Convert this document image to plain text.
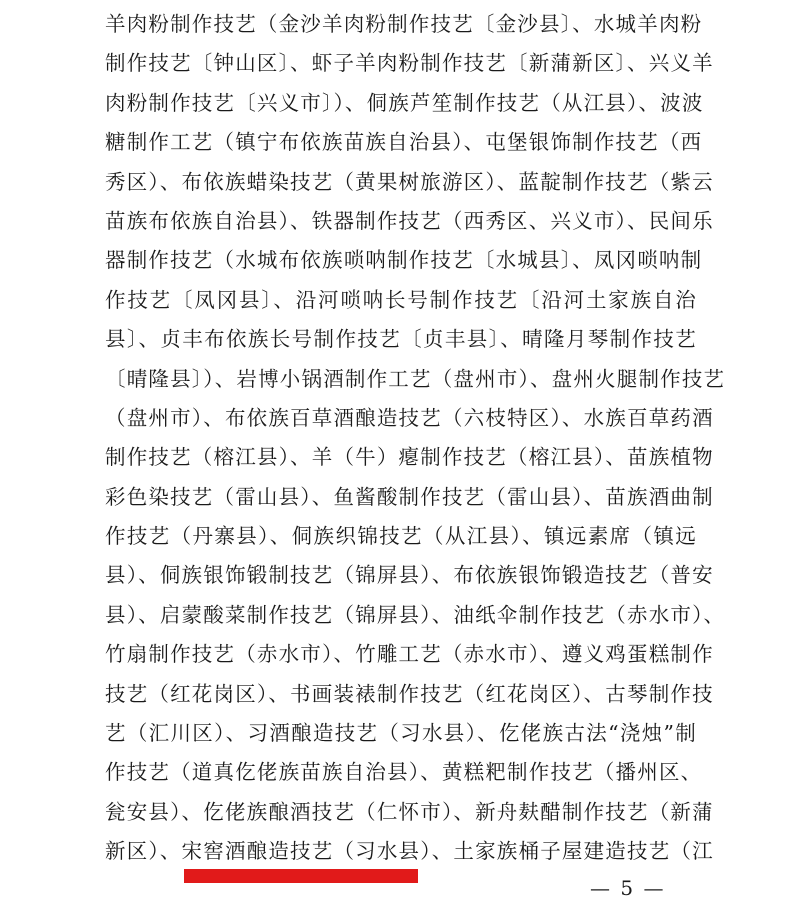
羊肉粉制作技艺（金沙羊肉粉制作技艺〔金沙县〕、水城羊肉粉
制作技艺〔钟山区〕、虾子羊肉粉制作技艺〔新蒲新区〕、兴义羊
肉粉制作技艺〔兴义市〕）、侗族芦笙制作技艺（从江县）、波波
糖制作工艺（镇宁布依族苗族自治县）、屯堡银饰制作技艺（西
秀区）、布依族蜡染技艺（黄果树旅游区）、蓝靛制作技艺（紫云
苗族布依族自治县）、铁器制作技艺（西秀区、兴义市）、民间乐
器制作技艺（水城布依族唢呐制作技艺〔水城县〕、凤冈唢呐制
作技艺〔凤冈县〕、沿河唢呐长号制作技艺〔沿河土家族自治
县〕、贞丰布依族长号制作技艺〔贞丰县〕、晴隆月琴制作技艺
〔晴隆县〕）、岩博小锅酒制作工艺（盘州市）、盘州火腿制作技艺
（盘州市）、布依族百草酒酿造技艺（六枝特区）、水族百草药酒
制作技艺（榕江县）、羊（牛）瘪制作技艺（榕江县）、苗族植物
彩色染技艺（雷山县）、鱼酱酸制作技艺（雷山县）、苗族酒曲制
作技艺（丹寨县）、侗族织锦技艺（从江县）、镇远素席（镇远
县）、侗族银饰锻制技艺（锦屏县）、布依族银饰锻造技艺（普安
县）、启蒙酸菜制作技艺（锦屏县）、油纸伞制作技艺（赤水市）、
竹扇制作技艺（赤水市）、竹雕工艺（赤水市）、遵义鸡蛋糕制作
技艺（红花岗区）、书画装裱制作技艺（红花岗区）、古琴制作技
艺（汇川区）、习酒酿造技艺（习水县）、仡佬族古法“浇烛”制
作技艺（道真仡佬族苗族自治县）、黄糕粑制作技艺（播州区、
瓮安县）、仡佬族酿酒技艺（仁怀市）、新舟麸醋制作技艺（新蒲
新区）、宋窖酒酿造技艺（习水县）、土家族桶子屋建造技艺（江
— 5 —
